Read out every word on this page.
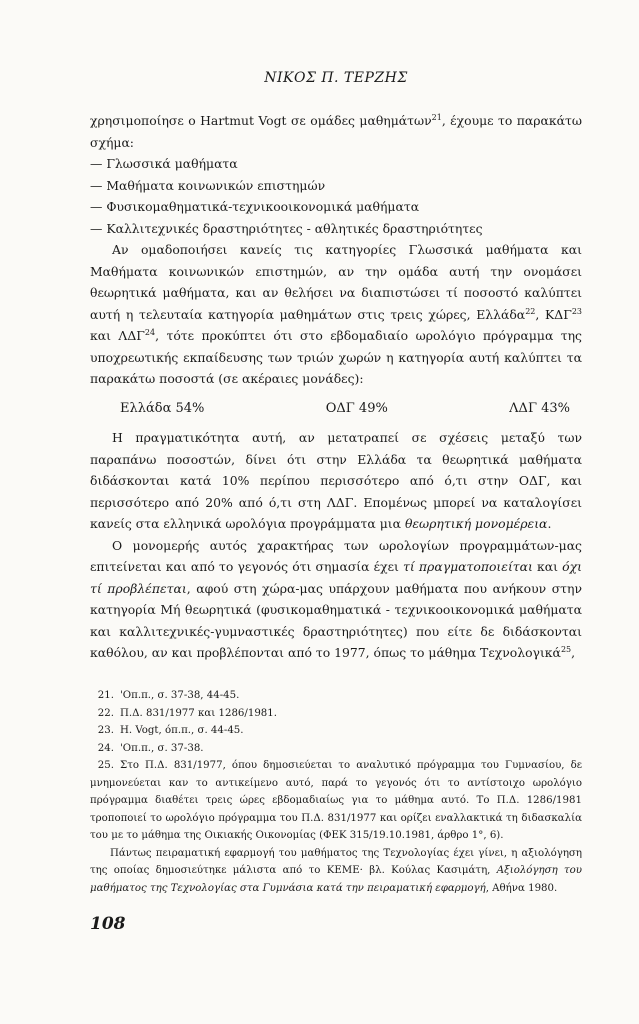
ΝΙΚΟΣ Π. ΤΕΡΖΗΣ

χρησιμοποίησε ο Hartmut Vogt σε ομάδες μαθημάτων$^{21}$, έχουμε το παρακάτω σχήμα:

— Γλωσσικά μαθήματα

— Μαθήματα κοινωνικών επιστημών

— Φυσικομαθηματικά-τεχνικοοικονομικά μαθήματα

— Καλλιτεχνικές δραστηριότητες - αθλητικές δραστηριότητες

Αν ομαδοποιήσει κανείς τις κατηγορίες Γλωσσικά μαθήματα και Μαθήματα κοινωνικών επιστημών, αν την ομάδα αυτή την ονομάσει θεωρητικά μαθήματα, και αν θελήσει να διαπιστώσει τί ποσοστό καλύπτει αυτή η τελευταία κατηγορία μαθημάτων στις τρεις χώρες, Ελλάδα$^{22}$, ΚΔΓ$^{23}$ και ΛΔΓ$^{24}$, τότε προκύπτει ότι στο εβδομαδιαίο ωρολόγιο πρόγραμμα της υποχρεωτικής εκπαίδευσης των τριών χωρών η κατηγορία αυτή καλύπτει τα παρακάτω ποσοστά (σε ακέραιες μονάδες):

Ελλάδα 54%	ΟΔΓ 49%	ΛΔΓ 43%

Η πραγματικότητα αυτή, αν μετατραπεί σε σχέσεις μεταξύ των παραπάνω ποσοστών, δίνει ότι στην Ελλάδα τα θεωρητικά μαθήματα διδάσκονται κατά 10% περίπου περισσότερο από ό,τι στην ΟΔΓ, και περισσότερο από 20% από ό,τι στη ΛΔΓ. Επομένως μπορεί να καταλογίσει κανείς στα ελληνικά ωρολόγια προγράμματα μια θεωρητική μονομέρεια.

Ο μονομερής αυτός χαρακτήρας των ωρολογίων προγραμμάτων-μας επιτείνεται και από το γεγονός ότι σημασία έχει τί πραγματοποιείται και όχι τί προβλέπεται, αφού στη χώρα-μας υπάρχουν μαθήματα που ανήκουν στην κατηγορία Μή θεωρητικά (φυσικομαθηματικά - τεχνικοοικονομικά μαθήματα και καλλιτεχνικές-γυμναστικές δραστηριότητες) που είτε δε διδάσκονται καθόλου, αν και προβλέπονται από το 1977, όπως το μάθημα Τεχνολογικά$^{25}$,

21. 'Οπ.π., σ. 37-38, 44-45.

22. Π.Δ. 831/1977 και 1286/1981.

23. H. Vogt, όπ.π., σ. 44-45.

24. 'Οπ.π., σ. 37-38.

25. Στο Π.Δ. 831/1977, όπου δημοσιεύεται το αναλυτικό πρόγραμμα του Γυμνασίου, δε μνημονεύεται καν το αντικείμενο αυτό, παρά το γεγονός ότι το αντίστοιχο ωρολόγιο πρόγραμμα διαθέτει τρεις ώρες εβδομαδιαίως για το μάθημα αυτό. Το Π.Δ. 1286/1981 τροποποιεί το ωρολόγιο πρόγραμμα του Π.Δ. 831/1977 και ορίζει εναλλακτικά τη διδασκαλία του με το μάθημα της Οικιακής Οικονομίας (ΦΕΚ 315/19.10.1981, άρθρο 1°, 6).

Πάντως πειραματική εφαρμογή του μαθήματος της Τεχνολογίας έχει γίνει, η αξιολόγηση της οποίας δημοσιεύτηκε μάλιστα από το ΚΕΜΕ· βλ. Κούλας Κασιμάτη, Αξιολόγηση του μαθήματος της Τεχνολογίας στα Γυμνάσια κατά την πειραματική εφαρμογή, Αθήνα 1980.

108
